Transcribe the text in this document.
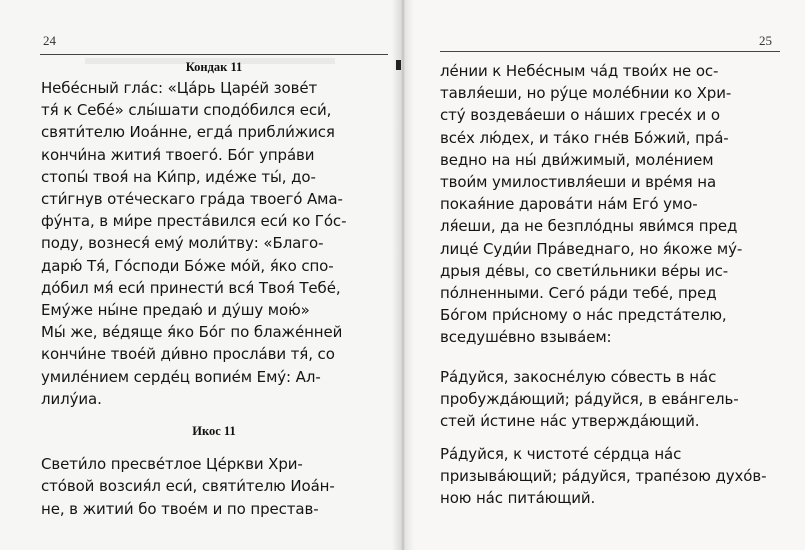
24
Кондак 11
Небе́сный гла́с: «Ца́рь Царе́й зове́т
тя́ к Себе́» слы́шати сподо́бился еси́,
святи́телю Иоа́нне, егда́ прибли́жися
кончи́на жития́ твоего́. Бо́г упра́ви
стопы́ твоя́ на Ки́пр, иде́же ты́, до-
сти́гнув оте́ческаго гра́да твоего́ Ама-
фу́нта, в ми́ре преста́вился еси́ ко Го́с-
поду, вознеся́ ему́ моли́тву: «Благо-
дарю́ Тя́, Го́споди Бо́же мо́й, я́ко спо-
до́бил мя́ еси́ принести́ вся́ Твоя́ Тебе́,
Ему́же ны́не предаю́ и ду́шу мою́»
Мы́ же, ве́дяще я́ко Бо́г по блаже́нней
кончи́не твое́й ди́вно просла́ви тя́, со
умиле́нием серде́ц вопие́м Ему́: Ал-
лилу́иа.
Икос 11
Свети́ло пресве́тлое Це́ркви Хри-
сто́вой возсия́л еси́, святи́телю Иоа́н-
не, в житии́ бо твое́м и по престав-
25
ле́нии к Небе́сным ча́д твои́х не ос-
тавля́еши, но ру́це моле́бнии ко Хри-
сту́ воздева́еши о на́ших гресе́х и о
все́х лю́дех, и та́ко гне́в Бо́жий, пра́-
ведно на ны́ дви́жимый, моле́нием
твои́м умилостивля́еши и вре́мя на
покая́ние дарова́ти на́м Его́ умо-
ля́еши, да не безпло́дны яви́мся пред
лице́ Суди́и Пра́веднаго, но я́коже му́-
дрыя де́вы, со свети́льники ве́ры ис-
по́лненными. Сего́ ра́ди тебе́, пред
Бо́гом при́сному о на́с предста́телю,
вседуше́вно взыва́ем:
Ра́дуйся, закосне́лую со́весть в на́с
пробужда́ющий; ра́дуйся, в ева́нгель-
стей и́стине на́с утвержда́ющий.
Ра́дуйся, к чистоте́ се́рдца на́с
призыва́ющий; ра́дуйся, трапе́зою духо́в-
ною на́с пита́ющий.
